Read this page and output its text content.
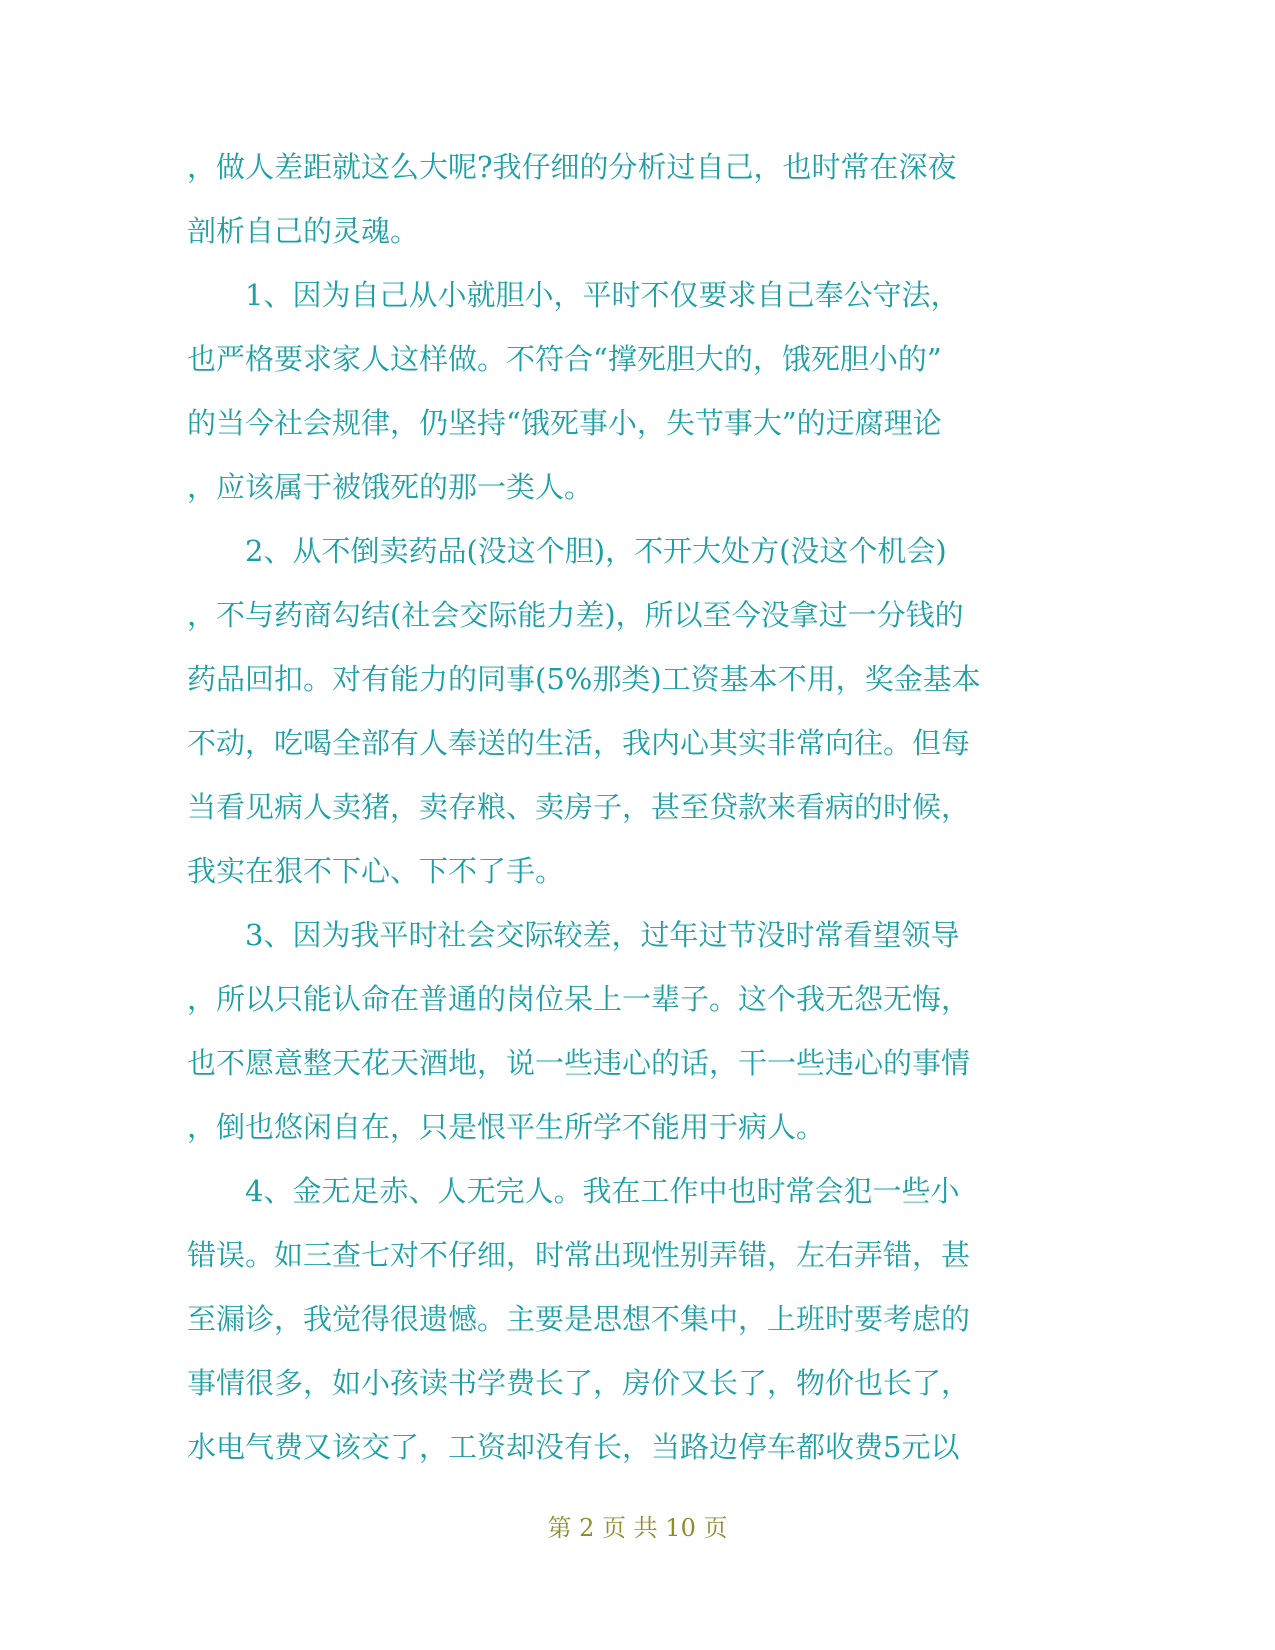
，做人差距就这么大呢?我仔细的分析过自己，也时常在深夜
剖析自己的灵魂。
1、因为自己从小就胆小，平时不仅要求自己奉公守法，
也严格要求家人这样做。不符合“撑死胆大的，饿死胆小的”
的当今社会规律，仍坚持“饿死事小，失节事大”的迂腐理论
，应该属于被饿死的那一类人。
2、从不倒卖药品(没这个胆)，不开大处方(没这个机会)
，不与药商勾结(社会交际能力差)，所以至今没拿过一分钱的
药品回扣。对有能力的同事(5%那类)工资基本不用，奖金基本
不动，吃喝全部有人奉送的生活，我内心其实非常向往。但每
当看见病人卖猪，卖存粮、卖房子，甚至贷款来看病的时候，
我实在狠不下心、下不了手。
3、因为我平时社会交际较差，过年过节没时常看望领导
，所以只能认命在普通的岗位呆上一辈子。这个我无怨无悔，
也不愿意整天花天酒地，说一些违心的话，干一些违心的事情
，倒也悠闲自在，只是恨平生所学不能用于病人。
4、金无足赤、人无完人。我在工作中也时常会犯一些小
错误。如三查七对不仔细，时常出现性别弄错，左右弄错，甚
至漏诊，我觉得很遗憾。主要是思想不集中，上班时要考虑的
事情很多，如小孩读书学费长了，房价又长了，物价也长了，
水电气费又该交了，工资却没有长，当路边停车都收费5元以
第 2 页 共 10 页
